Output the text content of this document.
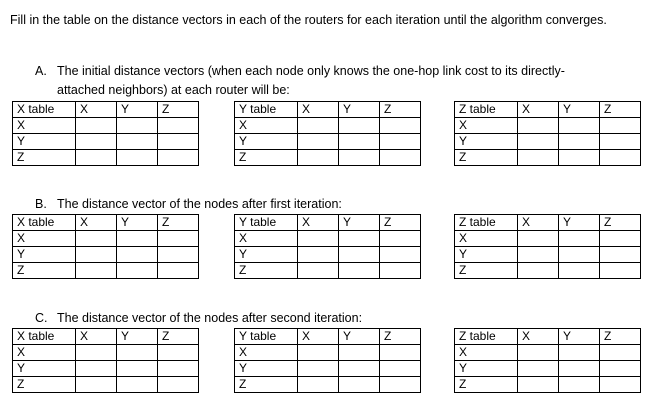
Fill in the table on the distance vectors in each of the routers for each iteration until the algorithm converges.
A. The initial distance vectors (when each node only knows the one-hop link cost to its directly-
attached neighbors) at each router will be:
B. The distance vector of the nodes after first iteration:
C. The distance vector of the nodes after second iteration:
X table	X	Y	Z
X			
Y			
Z			
Y table	X	Y	Z
X			
Y			
Z			
Z table	X	Y	Z
X			
Y			
Z			
X table	X	Y	Z
X			
Y			
Z			
Y table	X	Y	Z
X			
Y			
Z			
Z table	X	Y	Z
X			
Y			
Z			
X table	X	Y	Z
X			
Y			
Z			
Y table	X	Y	Z
X			
Y			
Z			
Z table	X	Y	Z
X			
Y			
Z			
